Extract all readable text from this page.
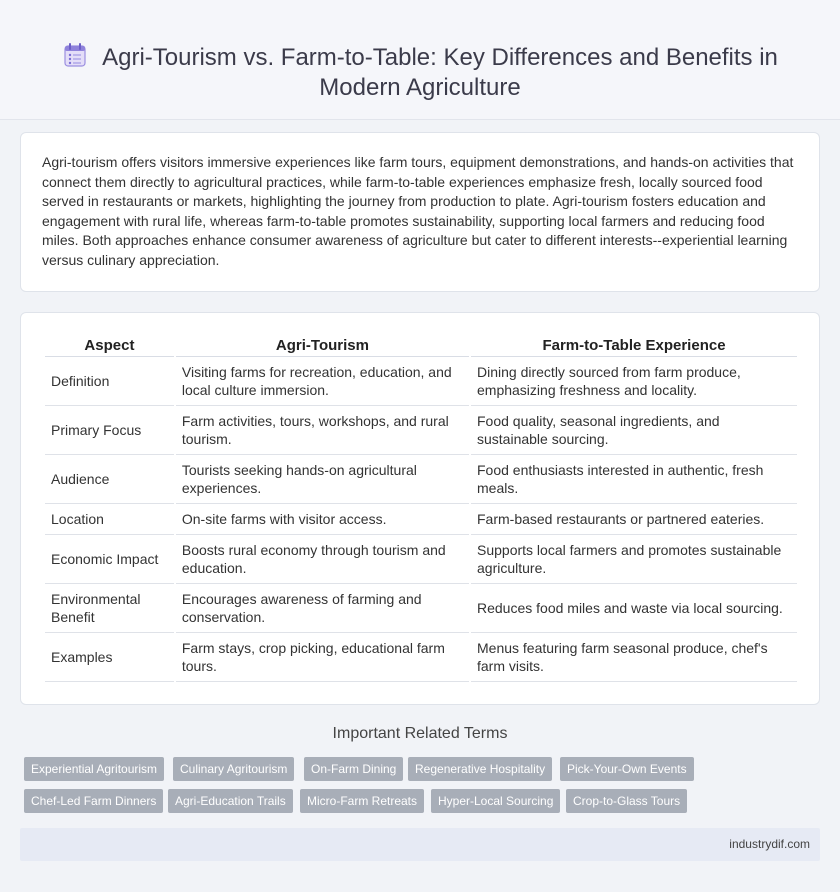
Agri-Tourism vs. Farm-to-Table: Key Differences and Benefits in Modern Agriculture

Agri-tourism offers visitors immersive experiences like farm tours, equipment demonstrations, and hands-on activities that connect them directly to agricultural practices, while farm-to-table experiences emphasize fresh, locally sourced food served in restaurants or markets, highlighting the journey from production to plate. Agri-tourism fosters education and engagement with rural life, whereas farm-to-table promotes sustainability, supporting local farmers and reducing food miles. Both approaches enhance consumer awareness of agriculture but cater to different interests--experiential learning versus culinary appreciation.

Aspect	Agri-Tourism	Farm-to-Table Experience
Definition	Visiting farms for recreation, education, and local culture immersion.	Dining directly sourced from farm produce, emphasizing freshness and locality.
Primary Focus	Farm activities, tours, workshops, and rural tourism.	Food quality, seasonal ingredients, and sustainable sourcing.
Audience	Tourists seeking hands-on agricultural experiences.	Food enthusiasts interested in authentic, fresh meals.
Location	On-site farms with visitor access.	Farm-based restaurants or partnered eateries.
Economic Impact	Boosts rural economy through tourism and education.	Supports local farmers and promotes sustainable agriculture.
Environmental Benefit	Encourages awareness of farming and conservation.	Reduces food miles and waste via local sourcing.
Examples	Farm stays, crop picking, educational farm tours.	Menus featuring farm seasonal produce, chef's farm visits.
Important Related Terms
Experiential Agritourism	Culinary Agritourism	On-Farm Dining	Regenerative Hospitality	Pick-Your-Own Events
Chef-Led Farm Dinners	Agri-Education Trails	Micro-Farm Retreats	Hyper-Local Sourcing	Crop-to-Glass Tours
industrydif.com
